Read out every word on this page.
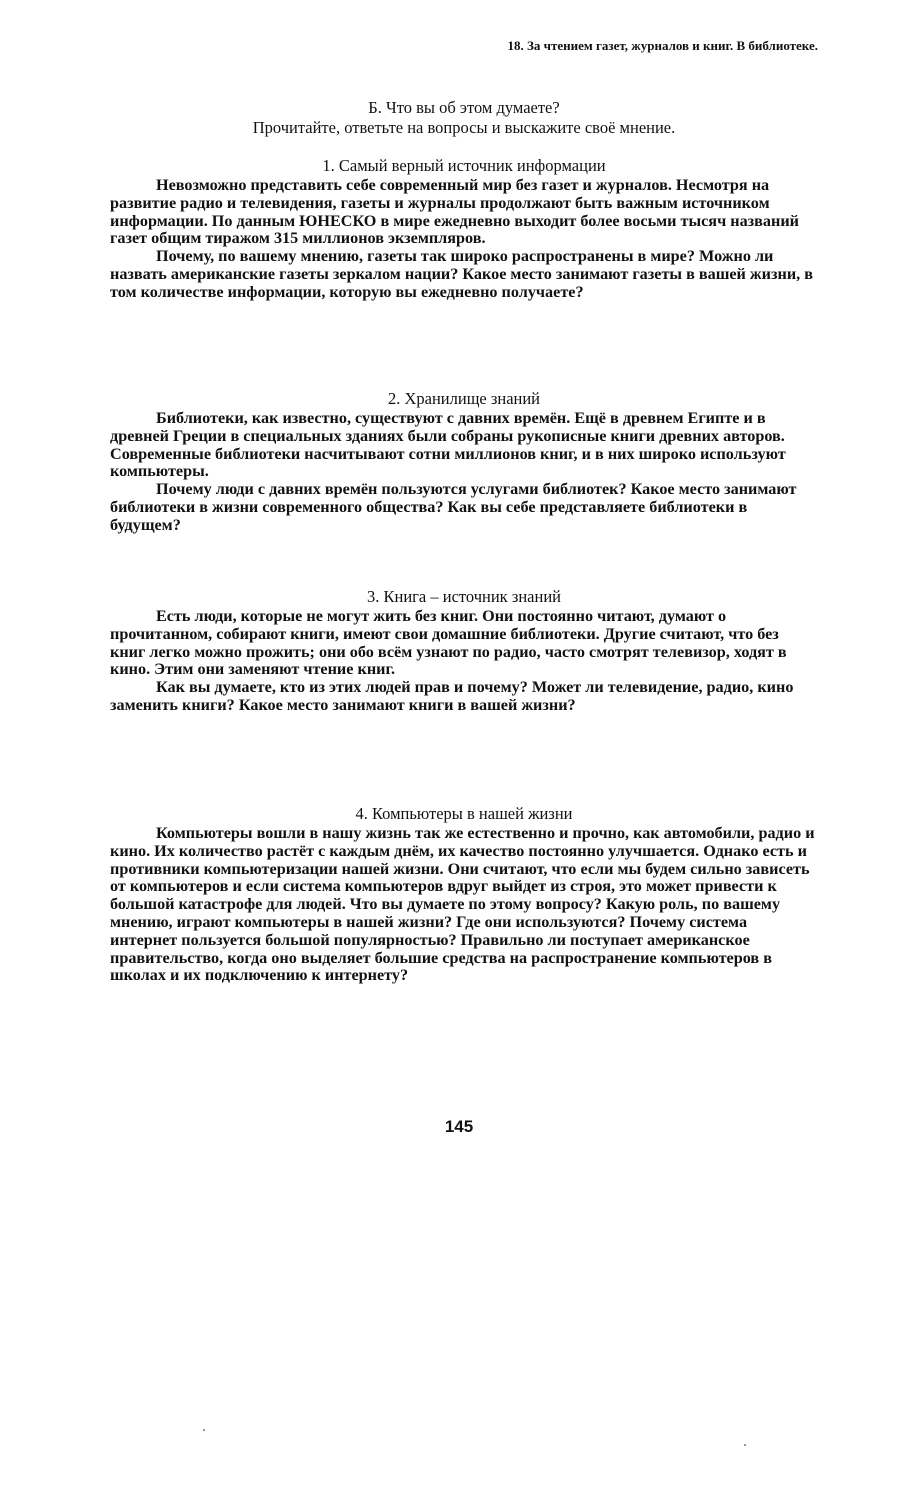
18. За чтением газет, журналов и книг. В библиотеке.
Б. Что вы об этом думаете?
Прочитайте, ответьте на вопросы и выскажите своё мнение.
1. Самый верный источник информации

Невозможно представить себе современный мир без газет и журналов. Несмотря на развитие радио и телевидения, газеты и журналы продолжают быть важным источником информации. По данным ЮНЕСКО в мире ежедневно выходит более восьми тысяч названий газет общим тиражом 315 миллионов экземпляров.

Почему, по вашему мнению, газеты так широко распространены в мире? Можно ли назвать американские газеты зеркалом нации? Какое место занимают газеты в вашей жизни, в том количестве информации, которую вы ежедневно получаете?

2. Хранилище знаний

Библиотеки, как известно, существуют с давних времён. Ещё в древнем Египте и в древней Греции в специальных зданиях были собраны рукописные книги древних авторов. Современные библиотеки насчитывают сотни миллионов книг, и в них широко используют компьютеры.

Почему люди с давних времён пользуются услугами библиотек? Какое место занимают библиотеки в жизни современного общества? Как вы себе представляете библиотеки в будущем?

3. Книга – источник знаний

Есть люди, которые не могут жить без книг. Они постоянно читают, думают о прочитанном, собирают книги, имеют свои домашние библиотеки. Другие считают, что без книг легко можно прожить; они обо всём узнают по радио, часто смотрят телевизор, ходят в кино. Этим они заменяют чтение книг.

Как вы думаете, кто из этих людей прав и почему? Может ли телевидение, радио, кино заменить книги? Какое место занимают книги в вашей жизни?

4. Компьютеры в нашей жизни

Компьютеры вошли в нашу жизнь так же естественно и прочно, как автомобили, радио и кино. Их количество растёт с каждым днём, их качество постоянно улучшается. Однако есть и противники компьютеризации нашей жизни. Они считают, что если мы будем сильно зависеть от компьютеров и если система компьютеров вдруг выйдет из строя, это может привести к большой катастрофе для людей. Что вы думаете по этому вопросу? Какую роль, по вашему мнению, играют компьютеры в нашей жизни? Где они используются? Почему система интернет пользуется большой популярностью? Правильно ли поступает американское правительство, когда оно выделяет большие средства на распространение компьютеров в школах и их подключению к интернету?

145
